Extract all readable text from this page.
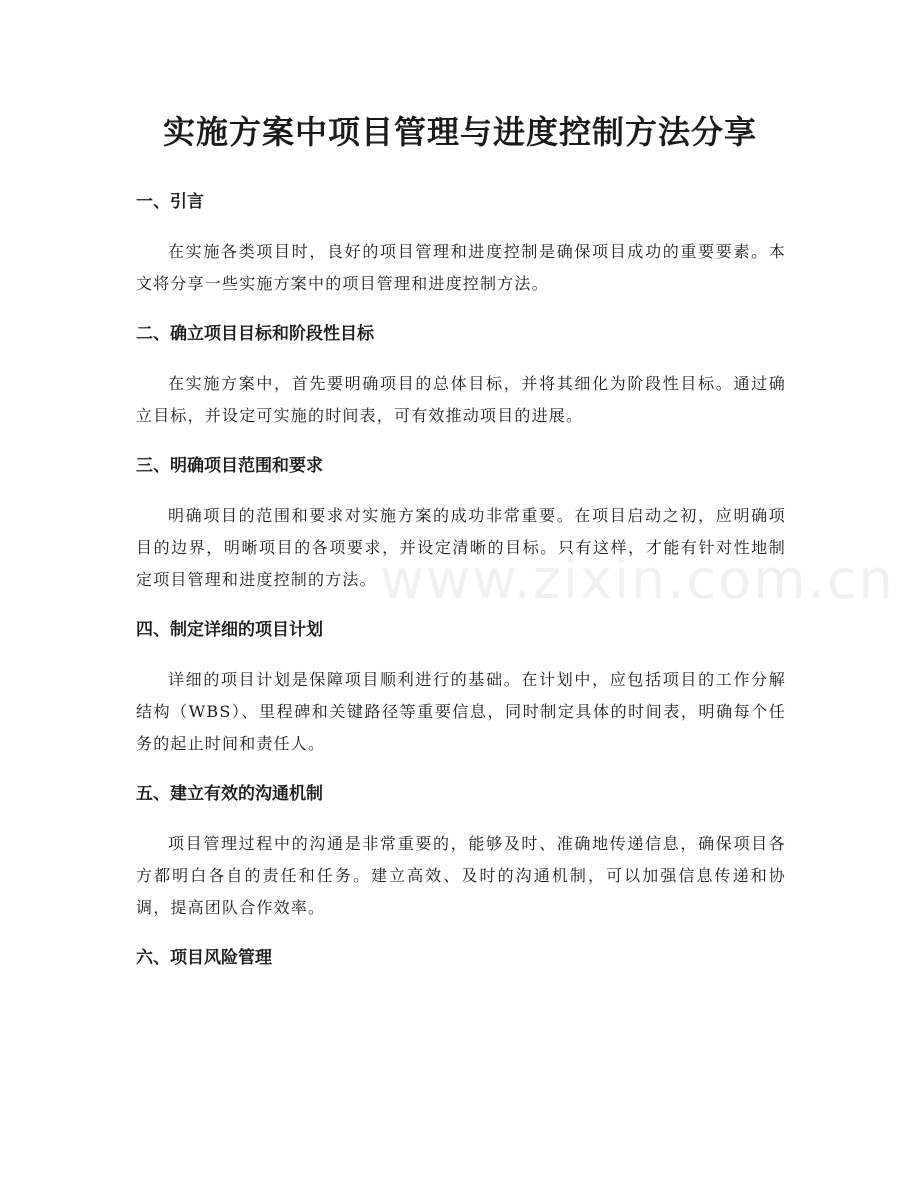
实施方案中项目管理与进度控制方法分享
www.zixin.com.cn
一、引言

在实施各类项目时，良好的项目管理和进度控制是确保项目成功的重要要素。本文将分享一些实施方案中的项目管理和进度控制方法。

二、确立项目目标和阶段性目标

在实施方案中，首先要明确项目的总体目标，并将其细化为阶段性目标。通过确立目标，并设定可实施的时间表，可有效推动项目的进展。

三、明确项目范围和要求

明确项目的范围和要求对实施方案的成功非常重要。在项目启动之初，应明确项目的边界，明晰项目的各项要求，并设定清晰的目标。只有这样，才能有针对性地制定项目管理和进度控制的方法。

四、制定详细的项目计划

详细的项目计划是保障项目顺利进行的基础。在计划中，应包括项目的工作分解结构（WBS）、里程碑和关键路径等重要信息，同时制定具体的时间表，明确每个任务的起止时间和责任人。

五、建立有效的沟通机制

项目管理过程中的沟通是非常重要的，能够及时、准确地传递信息，确保项目各方都明白各自的责任和任务。建立高效、及时的沟通机制，可以加强信息传递和协调，提高团队合作效率。

六、项目风险管理
